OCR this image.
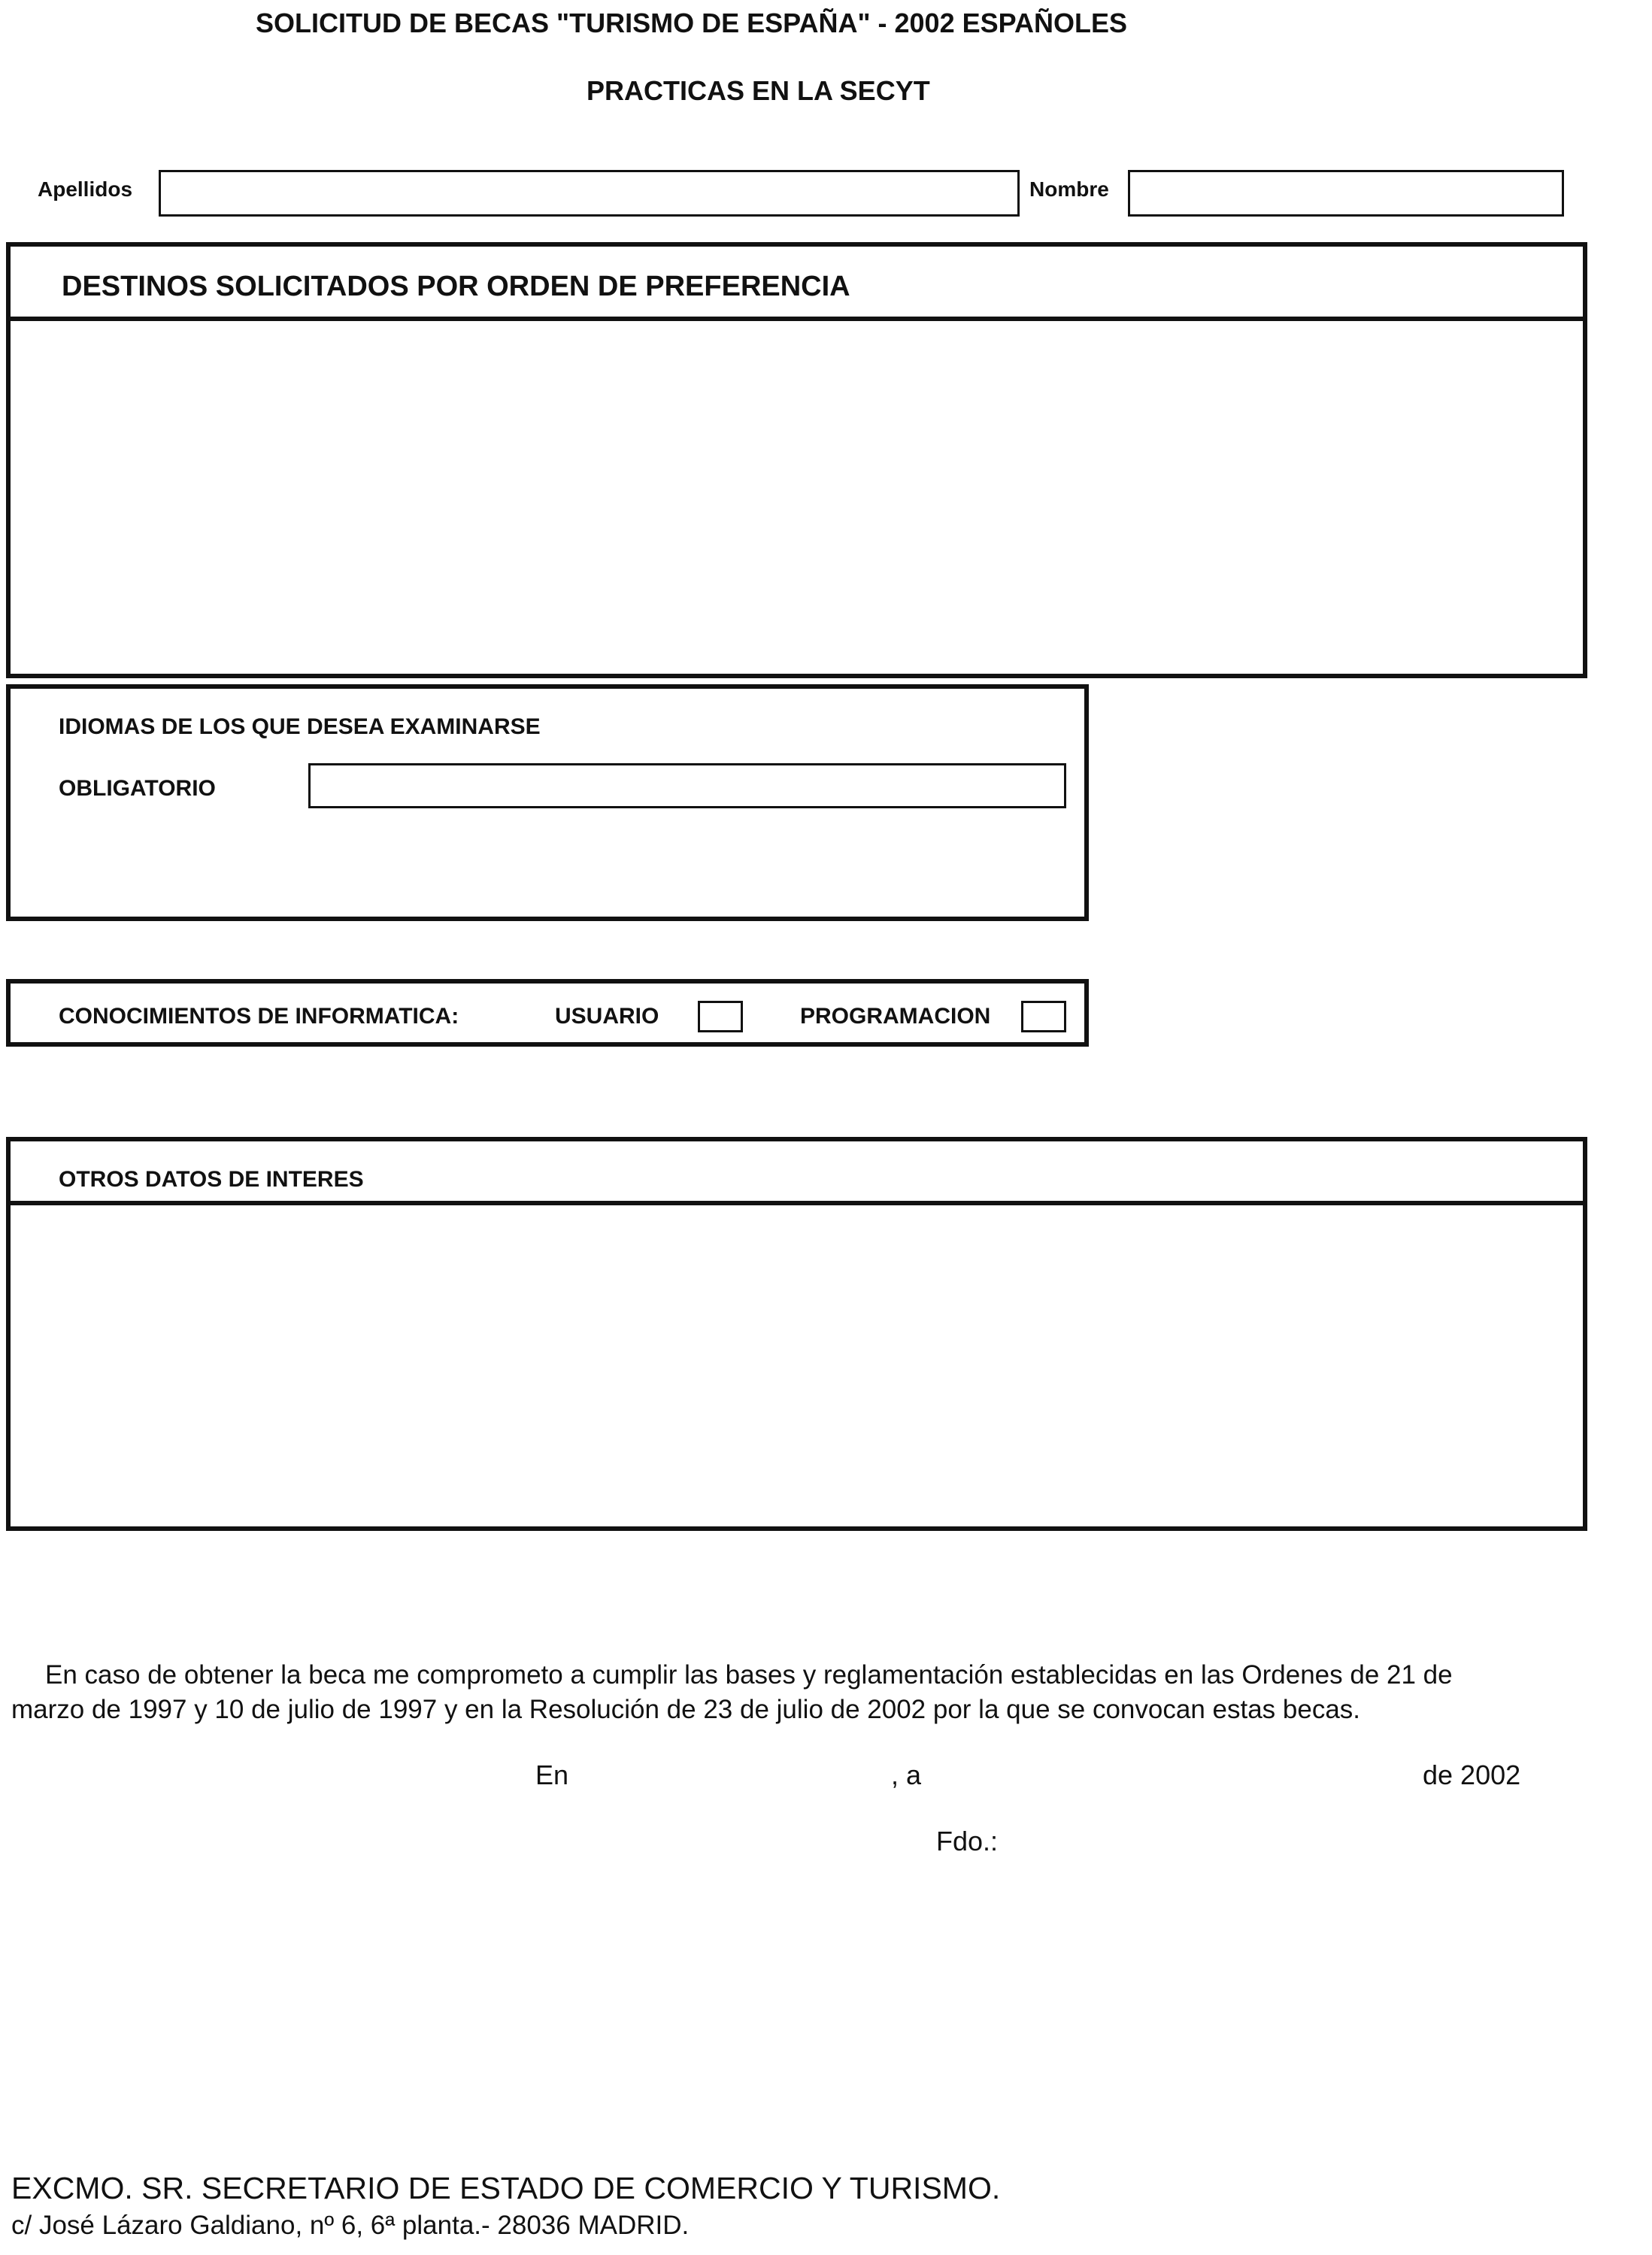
SOLICITUD DE BECAS "TURISMO DE ESPAÑA" - 2002 ESPAÑOLES
PRACTICAS EN LA SECYT
Apellidos	Nombre
DESTINOS SOLICITADOS POR ORDEN DE PREFERENCIA
IDIOMAS DE LOS QUE DESEA EXAMINARSE
OBLIGATORIO
CONOCIMIENTOS DE INFORMATICA:	USUARIO	PROGRAMACION
OTROS DATOS DE INTERES
En caso de obtener la beca me comprometo a cumplir las bases y reglamentación establecidas en las Ordenes de 21 de
marzo de 1997 y 10 de julio de 1997 y en la Resolución de 23 de julio de 2002 por la que se convocan estas becas.
En	, a	de 2002
Fdo.:
EXCMO. SR. SECRETARIO DE ESTADO DE COMERCIO Y TURISMO.
c/ José Lázaro Galdiano, nº 6, 6ª planta.- 28036 MADRID.
